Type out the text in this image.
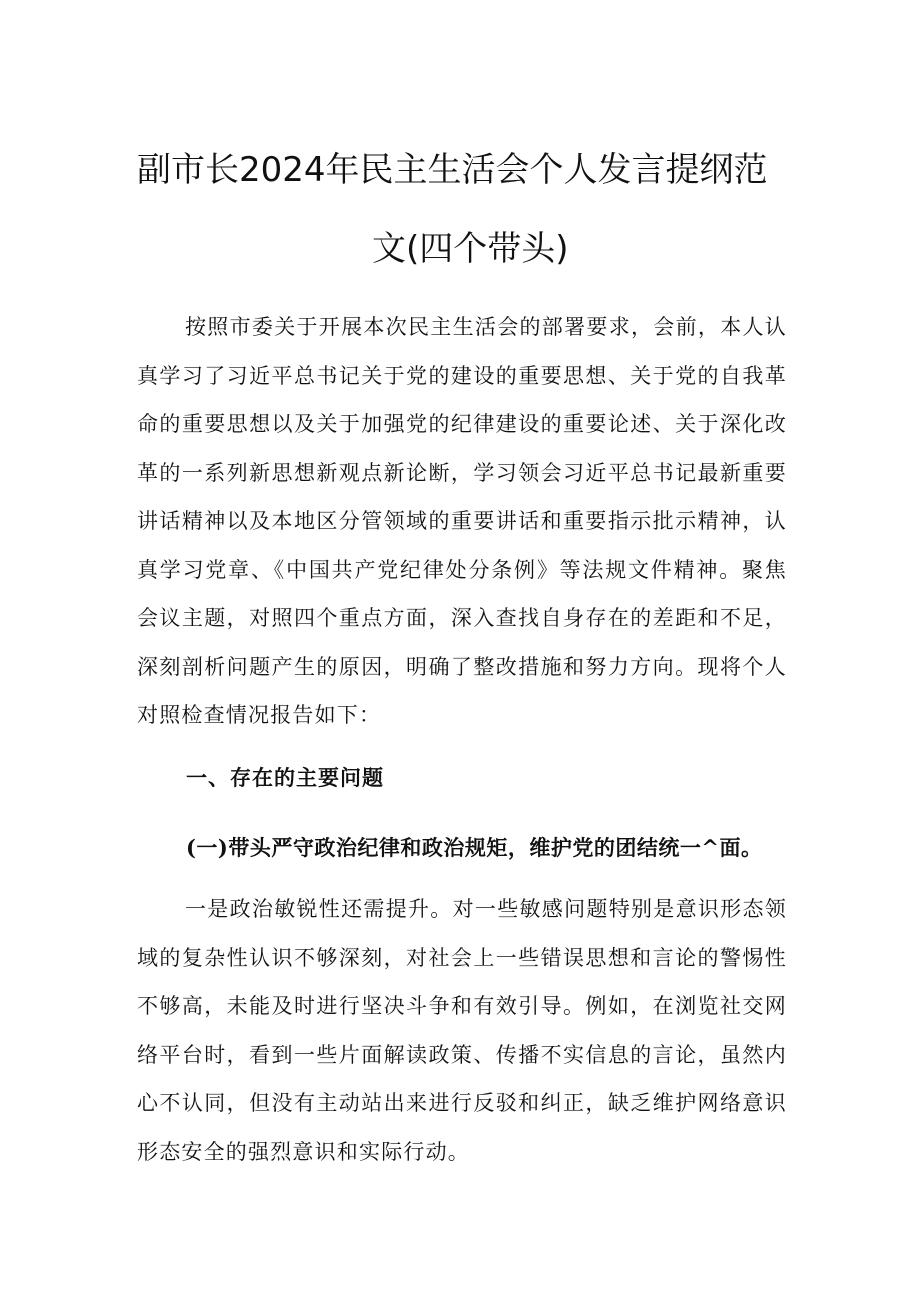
副市长2024年民主生活会个人发言提纲范
文(四个带头)

按照市委关于开展本次民主生活会的部署要求，会前，本人认真学习了习近平总书记关于党的建设的重要思想、关于党的自我革命的重要思想以及关于加强党的纪律建设的重要论述、关于深化改革的一系列新思想新观点新论断，学习领会习近平总书记最新重要讲话精神以及本地区分管领域的重要讲话和重要指示批示精神，认真学习党章、《中国共产党纪律处分条例》等法规文件精神。聚焦会议主题，对照四个重点方面，深入查找自身存在的差距和不足，深刻剖析问题产生的原因，明确了整改措施和努力方向。现将个人对照检查情况报告如下：

一、存在的主要问题
(一)带头严守政治纪律和政治规矩，维护党的团结统一^面。

一是政治敏锐性还需提升。对一些敏感问题特别是意识形态领域的复杂性认识不够深刻，对社会上一些错误思想和言论的警惕性不够高，未能及时进行坚决斗争和有效引导。例如，在浏览社交网络平台时，看到一些片面解读政策、传播不实信息的言论，虽然内心不认同，但没有主动站出来进行反驳和纠正，缺乏维护网络意识形态安全的强烈意识和实际行动。
